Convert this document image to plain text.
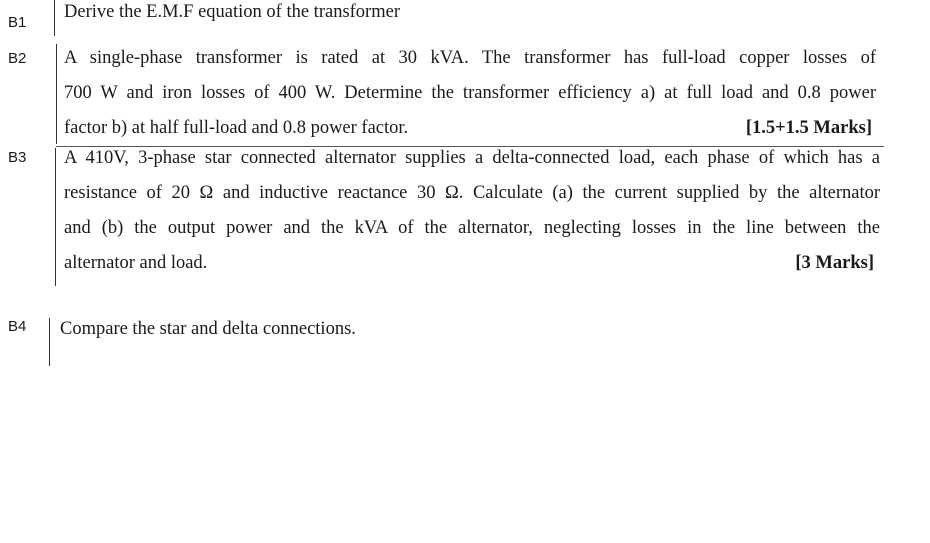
B1
B2
B3
B4
Derive the E.M.F equation of the transformer
A single-phase transformer is rated at 30 kVA. The transformer has full-load copper losses of
700 W and iron losses of 400 W. Determine the transformer efficiency a) at full load and 0.8 power
factor b) at half full-load and 0.8 power factor.	[1.5+1.5 Marks]
A 410V, 3-phase star connected alternator supplies a delta-connected load, each phase of which has a
resistance of 20 Ω and inductive reactance 30 Ω. Calculate (a) the current supplied by the alternator
and (b) the output power and the kVA of the alternator, neglecting losses in the line between the
alternator and load.	[3 Marks]
Compare the star and delta connections.
